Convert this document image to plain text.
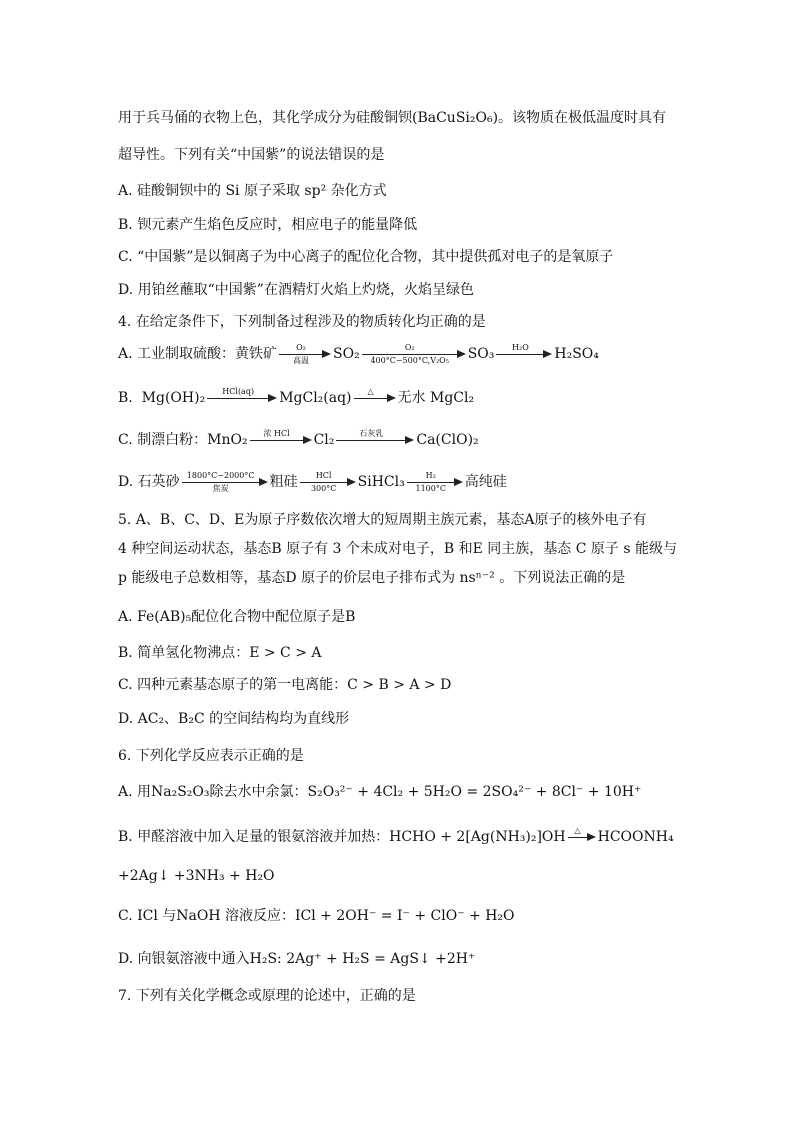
用于兵马俑的衣物上色，其化学成分为硅酸铜钡(BaCuSi₂O₆)。该物质在极低温度时具有
超导性。下列有关“中国紫”的说法错误的是
A. 硅酸铜钡中的 Si 原子采取 sp² 杂化方式
B. 钡元素产生焰色反应时，相应电子的能量降低
C. “中国紫”是以铜离子为中心离子的配位化合物，其中提供孤对电子的是氧原子
D. 用铂丝蘸取“中国紫”在酒精灯火焰上灼烧，火焰呈绿色
4. 在给定条件下，下列制备过程涉及的物质转化均正确的是
A. 工业制取硫酸：黄铁矿	O₂
高温	$SO_2 \frac{\text{O₂}}{\text{400°C−500°C,V₂O₅}} SO_3$	H₂O	H₂SO₄
B. Mg(OH)₂	HCl(aq)	MgCl₂(aq)	△	无水 MgCl₂
C. 制漂白粉：MnO₂	浓 HCl	Cl₂	石灰乳	Ca(ClO)₂
D. 石英砂 1800°C−2000°C
焦炭	粗硅	HCl
300°C	SiHCl₃ $\frac{\text{H₂}}{1100^\circ C}$ 高纯硅
5. A、B、C、D、E为原子序数依次增大的短周期主族元素，基态A原子的核外电子有
4 种空间运动状态，基态B 原子有 3 个未成对电子，B 和E 同主族，基态 C 原子 s 能级与
p 能级电子总数相等，基态D 原子的价层电子排布式为 nsⁿ⁻² 。下列说法正确的是
A. Fe(AB)₅配位化合物中配位原子是B
B. 简单氢化物沸点：E > C > A
C. 四种元素基态原子的第一电离能：C > B > A > D
D. AC₂、B₂C 的空间结构均为直线形
6. 下列化学反应表示正确的是
A. 用Na₂S₂O₃除去水中余氯：S₂O₃²⁻ + 4Cl₂ + 5H₂O = 2SO₄²⁻ + 8Cl⁻ + 10H⁺
B. 甲醛溶液中加入足量的银氨溶液并加热：HCHO + 2[Ag(NH₃)₂]OH	△	HCOONH₄
+2Ag↓ +3NH₃ + H₂O
C. ICl 与NaOH 溶液反应：ICl + 2OH⁻ = I⁻ + ClO⁻ + H₂O
D. 向银氨溶液中通入H₂S: 2Ag⁺ + H₂S = AgS↓ +2H⁺
7. 下列有关化学概念或原理的论述中，正确的是
